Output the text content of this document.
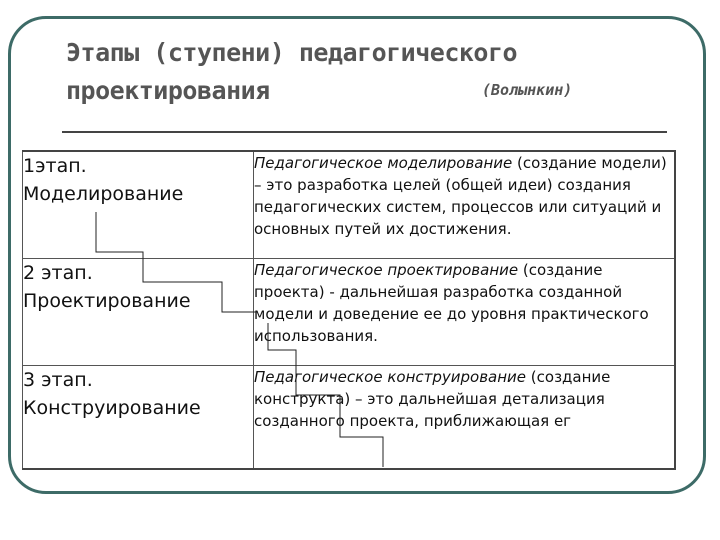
Этапы (ступени) педагогического
проектирования	(Волынкин)
1этап.
Моделирование	Педагогическое моделирование (создание модели) – это разработка целей (общей идеи) создания педагогических систем, процессов или ситуаций и основных путей их достижения.

2 этап.
Проектирование	Педагогическое проектирование (создание проекта) - дальнейшая разработка созданной модели и доведение ее до уровня практического использования.

3 этап.
Конструирование	Педагогическое конструирование (создание конструкта) – это дальнейшая детализация созданного проекта, приближающая ег
